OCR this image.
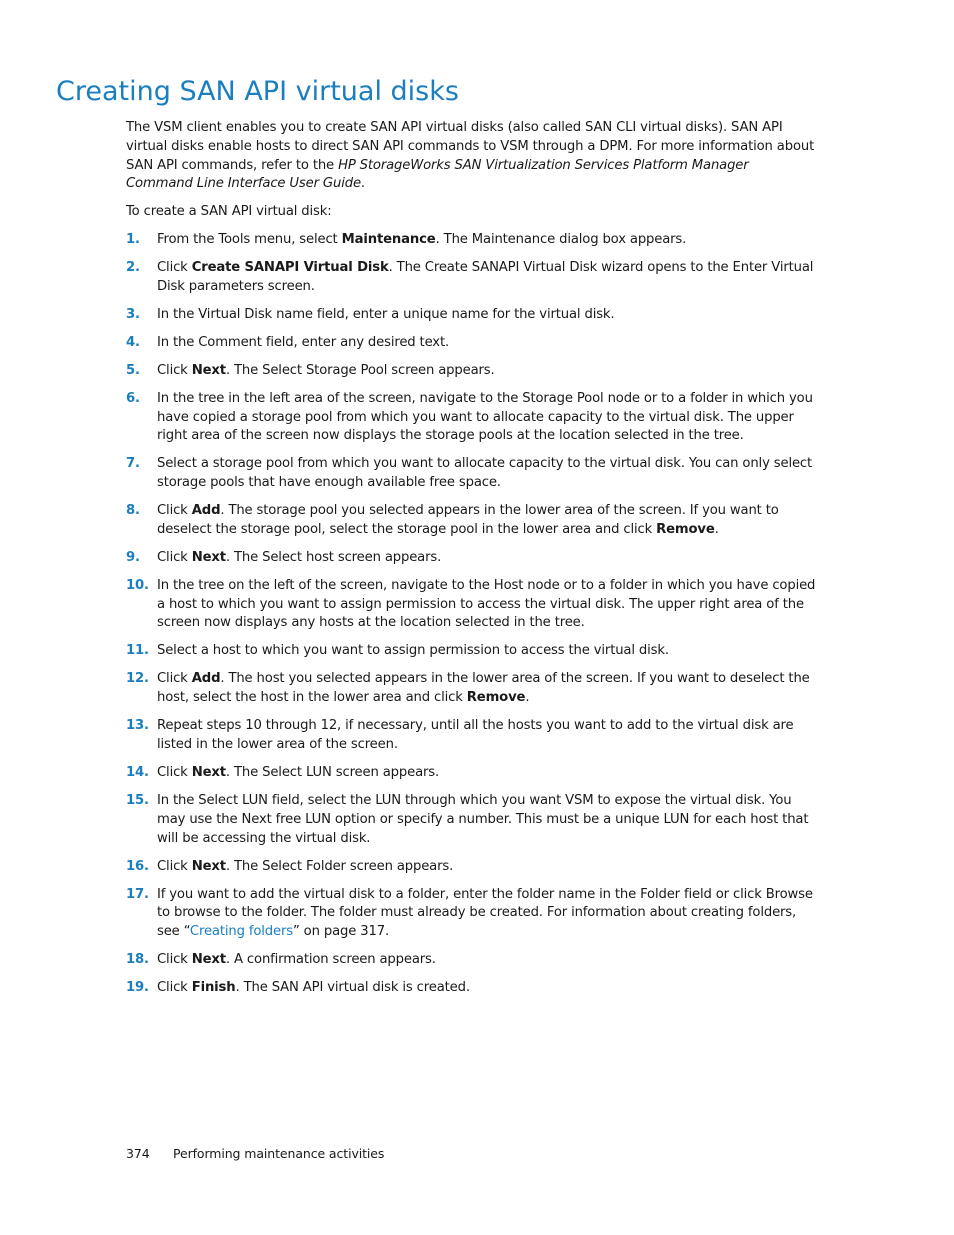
Creating SAN API virtual disks

The VSM client enables you to create SAN API virtual disks (also called SAN CLI virtual disks). SAN API virtual disks enable hosts to direct SAN API commands to VSM through a DPM. For more information about SAN API commands, refer to the HP StorageWorks SAN Virtualization Services Platform Manager Command Line Interface User Guide.

To create a SAN API virtual disk:

1. From the Tools menu, select Maintenance. The Maintenance dialog box appears.
2. Click Create SANAPI Virtual Disk. The Create SANAPI Virtual Disk wizard opens to the Enter Virtual Disk parameters screen.
3. In the Virtual Disk name field, enter a unique name for the virtual disk.
4. In the Comment field, enter any desired text.
5. Click Next. The Select Storage Pool screen appears.
6. In the tree in the left area of the screen, navigate to the Storage Pool node or to a folder in which you have copied a storage pool from which you want to allocate capacity to the virtual disk. The upper right area of the screen now displays the storage pools at the location selected in the tree.
7. Select a storage pool from which you want to allocate capacity to the virtual disk. You can only select storage pools that have enough available free space.
8. Click Add. The storage pool you selected appears in the lower area of the screen. If you want to deselect the storage pool, select the storage pool in the lower area and click Remove.
9. Click Next. The Select host screen appears.
10. In the tree on the left of the screen, navigate to the Host node or to a folder in which you have copied a host to which you want to assign permission to access the virtual disk. The upper right area of the screen now displays any hosts at the location selected in the tree.
11. Select a host to which you want to assign permission to access the virtual disk.
12. Click Add. The host you selected appears in the lower area of the screen. If you want to deselect the host, select the host in the lower area and click Remove.
13. Repeat steps 10 through 12, if necessary, until all the hosts you want to add to the virtual disk are listed in the lower area of the screen.
14. Click Next. The Select LUN screen appears.
15. In the Select LUN field, select the LUN through which you want VSM to expose the virtual disk. You may use the Next free LUN option or specify a number. This must be a unique LUN for each host that will be accessing the virtual disk.
16. Click Next. The Select Folder screen appears.
17. If you want to add the virtual disk to a folder, enter the folder name in the Folder field or click Browse to browse to the folder. The folder must already be created. For information about creating folders, see “Creating folders” on page 317.
18. Click Next. A confirmation screen appears.
19. Click Finish. The SAN API virtual disk is created.
374 Performing maintenance activities
